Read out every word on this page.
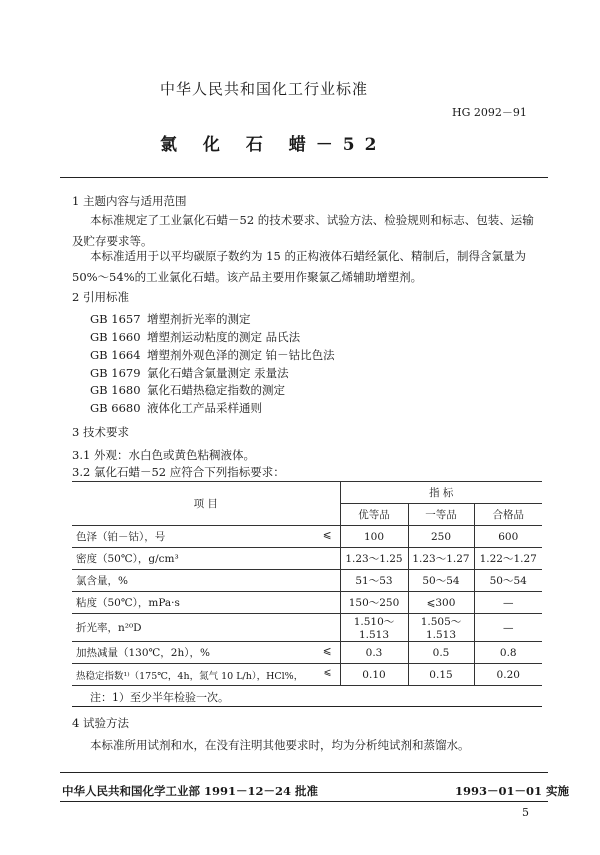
中华人民共和国化工行业标准
HG 2092－91
氯 化 石 蜡－52
1 主题内容与适用范围
本标准规定了工业氯化石蜡－52 的技术要求、试验方法、检验规则和标志、包装、运输及贮存要求等。
本标准适用于以平均碳原子数约为 15 的正构液体石蜡经氯化、精制后，制得含氯量为 50%～54%的工业氯化石蜡。该产品主要用作聚氯乙烯辅助增塑剂。
2 引用标准
GB 1657 增塑剂折光率的测定
GB 1660 增塑剂运动粘度的测定 品氏法
GB 1664 增塑剂外观色泽的测定 铂－钴比色法
GB 1679 氯化石蜡含氯量测定 汞量法
GB 1680 氯化石蜡热稳定指数的测定
GB 6680 液体化工产品采样通则
3 技术要求
3.1 外观：水白色或黄色粘稠液体。
3.2 氯化石蜡－52 应符合下列指标要求：
项 目	指 标		
	优等品	一等品	合格品
色泽（铂－钴），号 ⩽	100	250	600
密度（50℃），g/cm³	1.23～1.25	1.23～1.27	1.22～1.27
氯含量，%	51～53	50～54	50～54
粘度（50℃），mPa·s	150～250	⩽300	—
折光率，n²⁰D	1.510～1.513	1.505～1.513	—
加热减量（130℃，2h），% ⩽	0.3	0.5	0.8
热稳定指数¹⁾（175℃，4h，氮气 10 L/h），HCl%， ⩽	0.10	0.15	0.20
注：1）至少半年检验一次。
4 试验方法
本标准所用试剂和水，在没有注明其他要求时，均为分析纯试剂和蒸馏水。
中华人民共和国化学工业部 1991－12－24 批准	1993－01－01 实施
5
